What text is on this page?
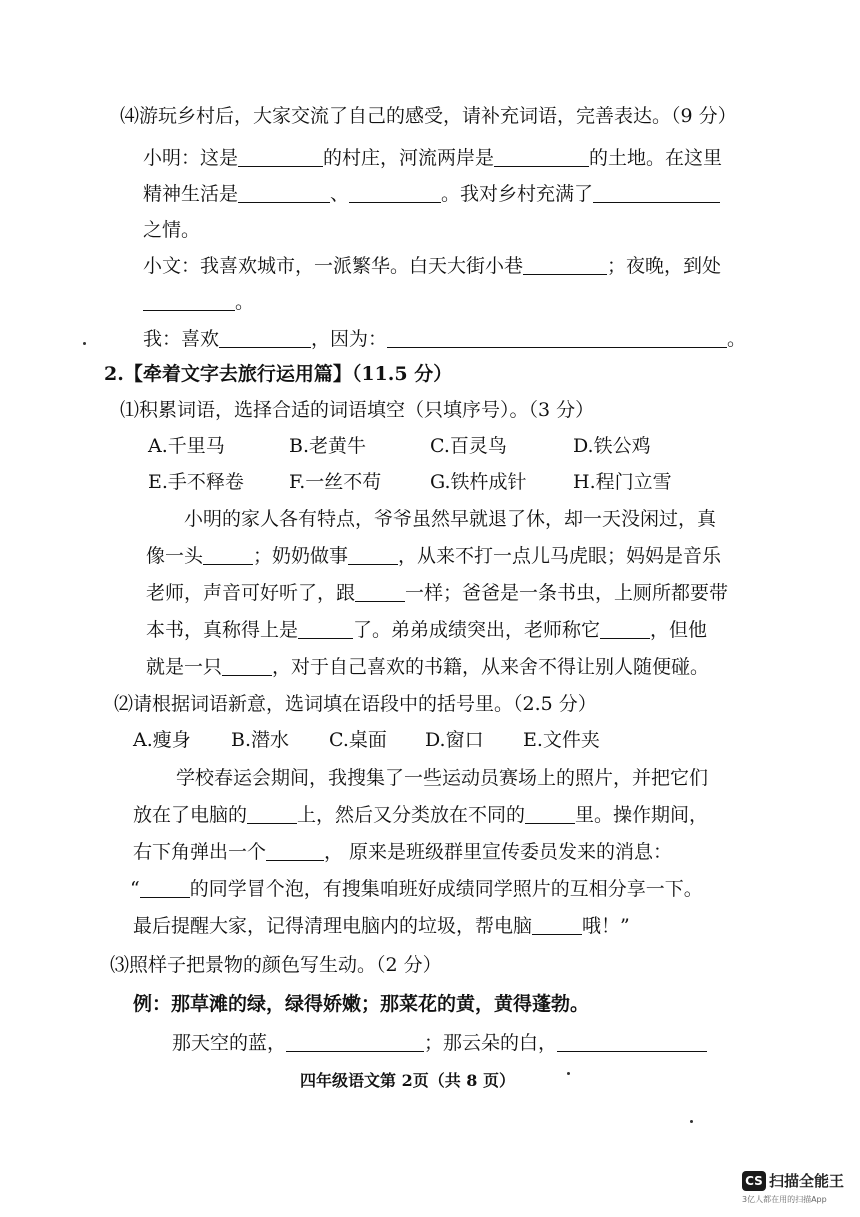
⑷游玩乡村后，大家交流了自己的感受，请补充词语，完善表达。（9 分）
小明：这是	的村庄，河流两岸是	的土地。在这里
精神生活是	、	。我对乡村充满了
之情。
小文：我喜欢城市，一派繁华。白天大街小巷	；夜晚，到处
。
我：喜欢	，因为：	。
2.【牵着文字去旅行运用篇】（11.5 分）
⑴积累词语，选择合适的词语填空（只填序号）。（3 分）
A.千里马	B.老黄牛	C.百灵鸟	D.铁公鸡
E.手不释卷 F.一丝不苟	G.铁杵成针 H.程门立雪
小明的家人各有特点，爷爷虽然早就退了休，却一天没闲过，真
像一头	；奶奶做事	，从来不打一点儿马虎眼；妈妈是音乐
老师，声音可好听了，跟	一样；爸爸是一条书虫，上厕所都要带
本书，真称得上是	了。弟弟成绩突出，老师称它	，但他
就是一只	，对于自己喜欢的书籍，从来舍不得让别人随便碰。
⑵请根据词语新意，选词填在语段中的括号里。（2.5 分）
A.瘦身 B.潜水 C.桌面 D.窗口 E.文件夹
学校春运会期间，我搜集了一些运动员赛场上的照片，并把它们
放在了电脑的	上，然后又分类放在不同的	里。操作期间，
右下角弹出一个	， 原来是班级群里宣传委员发来的消息：
“	的同学冒个泡，有搜集咱班好成绩同学照片的互相分享一下。
最后提醒大家，记得清理电脑内的垃圾，帮电脑	哦！”
⑶照样子把景物的颜色写生动。（2 分）
例：那草滩的绿，绿得娇嫩；那菜花的黄，黄得蓬勃。
那天空的蓝，	；那云朵的白，
四年级语文第 2页（共 8 页）
CS 扫描全能王
3亿人都在用的扫描App
